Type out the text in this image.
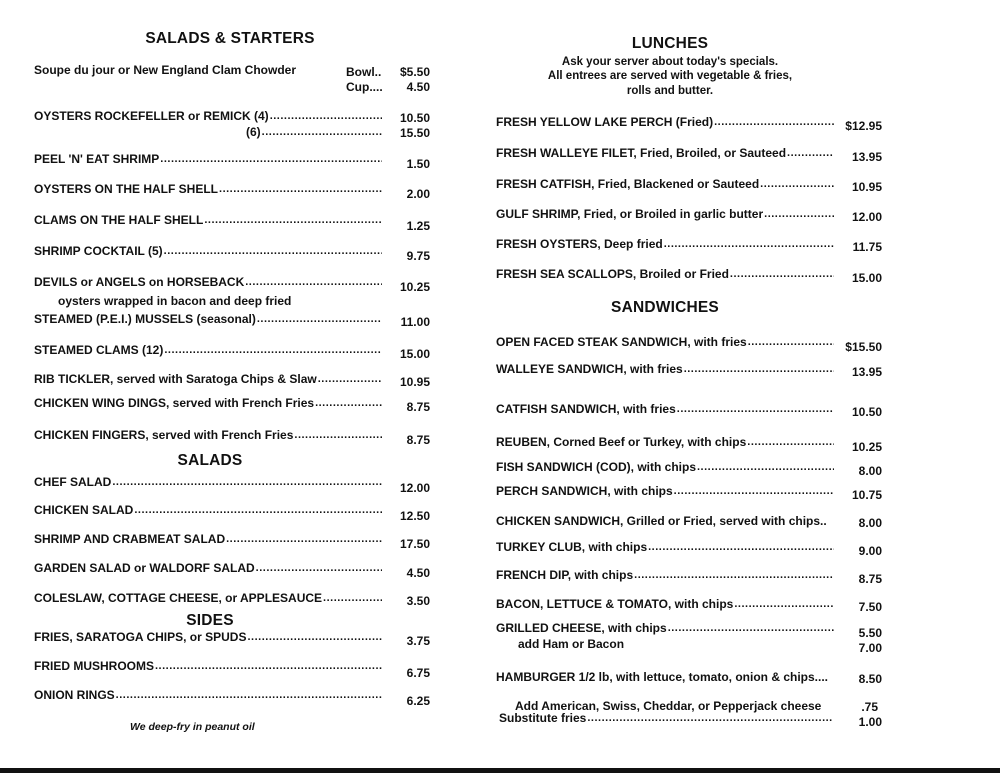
SALADS & STARTERS
Soupe du jour or New England Clam Chowder	Bowl..	$5.50
Cup....	4.50
OYSTERS ROCKEFELLER or REMICK (4) .....	10.50
(6) .....	15.50
PEEL 'N' EAT SHRIMP .....	1.50
OYSTERS ON THE HALF SHELL .....	2.00
CLAMS ON THE HALF SHELL .....	1.25
SHRIMP COCKTAIL (5) .....	9.75
DEVILS or ANGELS on HORSEBACK .....	10.25
oysters wrapped in bacon and deep fried
STEAMED (P.E.I.) MUSSELS (seasonal) .....	11.00
STEAMED CLAMS (12) .....	15.00
RIB TICKLER, served with Saratoga Chips & Slaw .....	10.95
CHICKEN WING DINGS, served with French Fries .....	8.75
CHICKEN FINGERS, served with French Fries .....	8.75
SALADS
CHEF SALAD .....	12.00
CHICKEN SALAD .....	12.50
SHRIMP AND CRABMEAT SALAD .....	17.50
GARDEN SALAD or WALDORF SALAD .....	4.50
COLESLAW, COTTAGE CHEESE, or APPLESAUCE .....	3.50
SIDES
FRIES, SARATOGA CHIPS, or SPUDS .....	3.75
FRIED MUSHROOMS .....	6.75
ONION RINGS .....	6.25
We deep-fry in peanut oil
LUNCHES
Ask your server about today's specials.
All entrees are served with vegetable & fries,
rolls and butter.
FRESH YELLOW LAKE PERCH (Fried) .....	$12.95
FRESH WALLEYE FILET, Fried, Broiled, or Sauteed .....	13.95
FRESH CATFISH, Fried, Blackened or Sauteed .....	10.95
GULF SHRIMP, Fried, or Broiled in garlic butter .....	12.00
FRESH OYSTERS, Deep fried .....	11.75
FRESH SEA SCALLOPS, Broiled or Fried .....	15.00
SANDWICHES
OPEN FACED STEAK SANDWICH, with fries .....	$15.50
WALLEYE SANDWICH, with fries .....	13.95
CATFISH SANDWICH, with fries .....	10.50
REUBEN, Corned Beef or Turkey, with chips .....	10.25
FISH SANDWICH (COD), with chips .....	8.00
PERCH SANDWICH, with chips .....	10.75
CHICKEN SANDWICH, Grilled or Fried, served with chips..	8.00
TURKEY CLUB, with chips .....	9.00
FRENCH DIP, with chips .....	8.75
BACON, LETTUCE & TOMATO, with chips .....	7.50
GRILLED CHEESE, with chips .....	5.50
add Ham or Bacon	7.00
HAMBURGER 1/2 lb, with lettuce, tomato, onion & chips....	8.50
Add American, Swiss, Cheddar, or Pepperjack cheese	.75
Substitute fries .....	1.00
